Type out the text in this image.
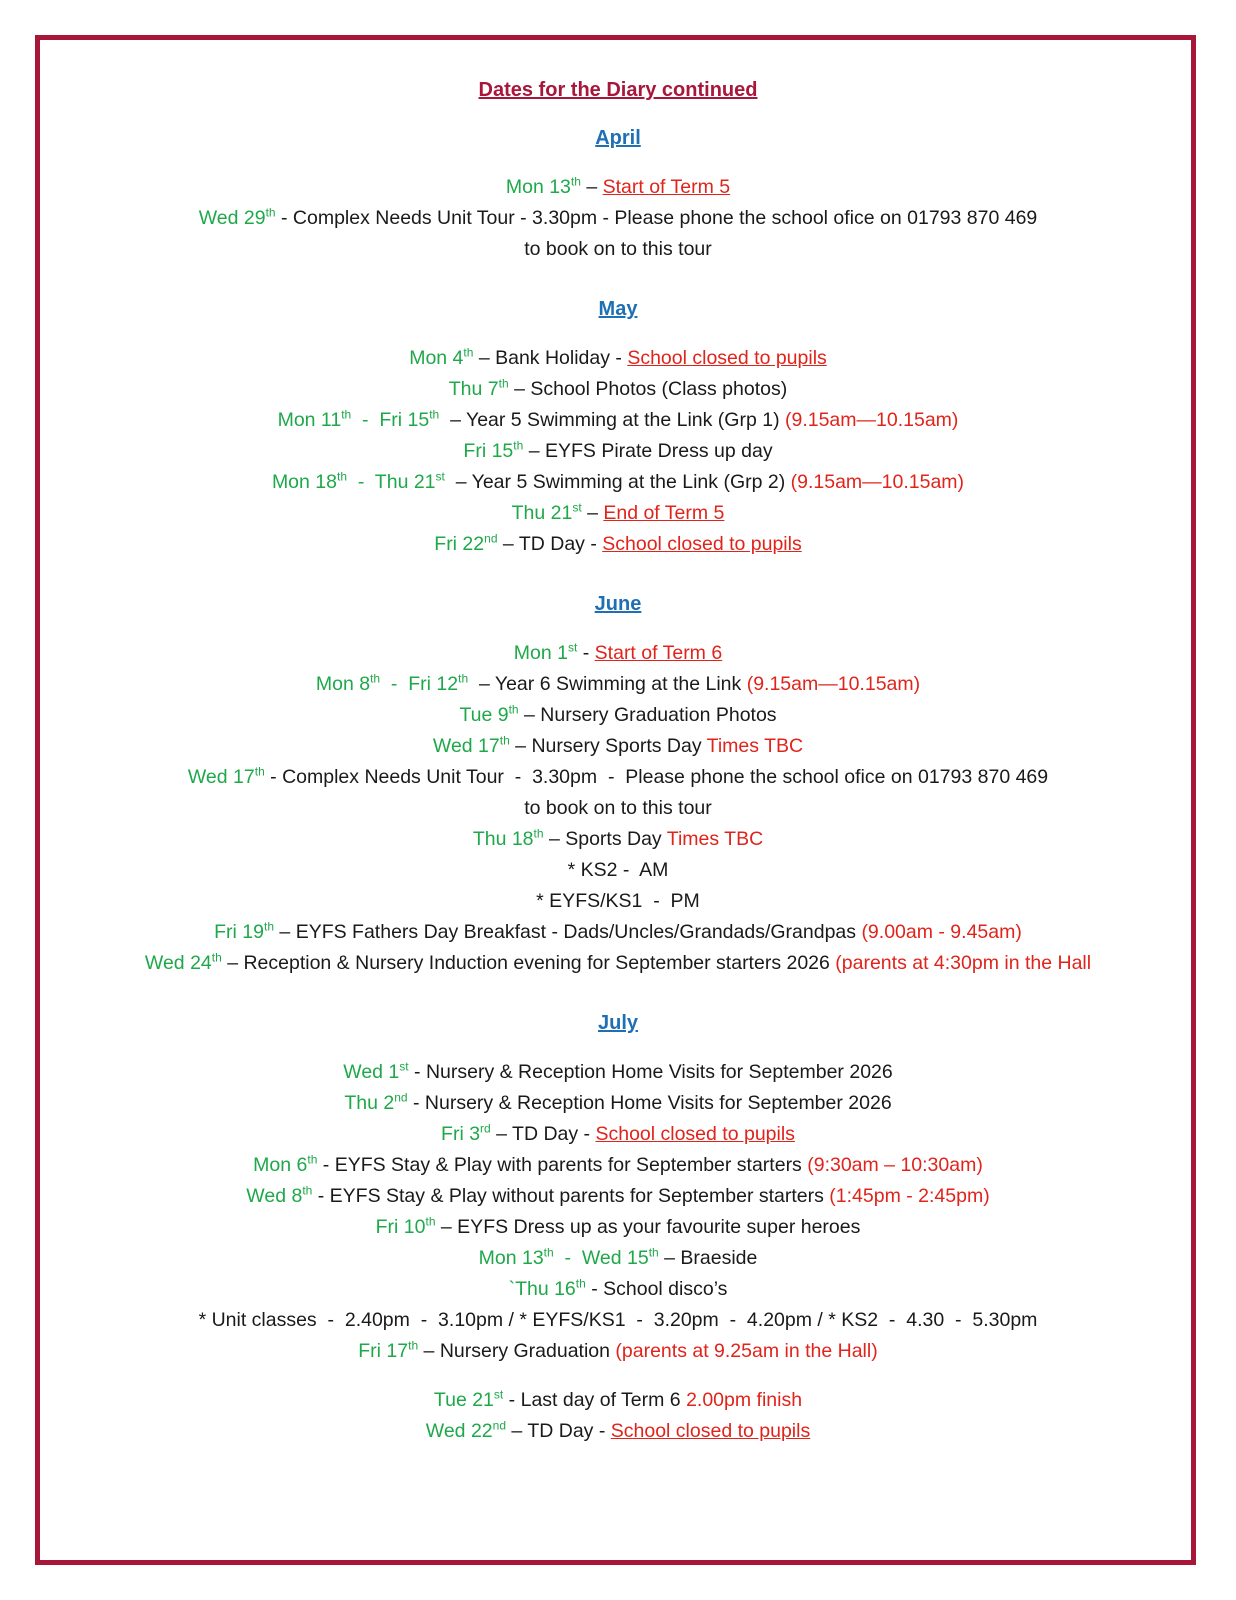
Dates for the Diary continued
April
Mon 13th – Start of Term 5
Wed 29th - Complex Needs Unit Tour - 3.30pm - Please phone the school oﬁce on 01793 870 469
to book on to this tour
May
Mon 4th – Bank Holiday - School closed to pupils
Thu 7th – School Photos (Class photos)
Mon 11th  -  Fri 15th  – Year 5 Swimming at the Link (Grp 1) (9.15am—10.15am)
Fri 15th – EYFS Pirate Dress up day
Mon 18th  -  Thu 21st  – Year 5 Swimming at the Link (Grp 2) (9.15am—10.15am)
Thu 21st – End of Term 5
Fri 22nd – TD Day - School closed to pupils
June
Mon 1st - Start of Term 6
Mon 8th  -  Fri 12th  – Year 6 Swimming at the Link (9.15am—10.15am)
Tue 9th – Nursery Graduation Photos
Wed 17th – Nursery Sports Day Times TBC
Wed 17th - Complex Needs Unit Tour  -  3.30pm  -  Please phone the school oﬁce on 01793 870 469
to book on to this tour
Thu 18th – Sports Day Times TBC
* KS2 -  AM
* EYFS/KS1  -  PM
Fri 19th – EYFS Fathers Day Breakfast - Dads/Uncles/Grandads/Grandpas (9.00am - 9.45am)
Wed 24th – Reception & Nursery Induction evening for September starters 2026 (parents at 4:30pm in the Hall
July
Wed 1st - Nursery & Reception Home Visits for September 2026
Thu 2nd - Nursery & Reception Home Visits for September 2026
Fri 3rd – TD Day - School closed to pupils
Mon 6th - EYFS Stay & Play with parents for September starters (9:30am – 10:30am)
Wed 8th - EYFS Stay & Play without parents for September starters (1:45pm - 2:45pm)
Fri 10th – EYFS Dress up as your favourite super heroes
Mon 13th  -  Wed 15th – Braeside
`Thu 16th - School disco’s
* Unit classes  -  2.40pm  -  3.10pm / * EYFS/KS1  -  3.20pm  -  4.20pm / * KS2  -  4.30  -  5.30pm
Fri 17th – Nursery Graduation (parents at 9.25am in the Hall)
Tue 21st - Last day of Term 6 2.00pm finish
Wed 22nd – TD Day - School closed to pupils
